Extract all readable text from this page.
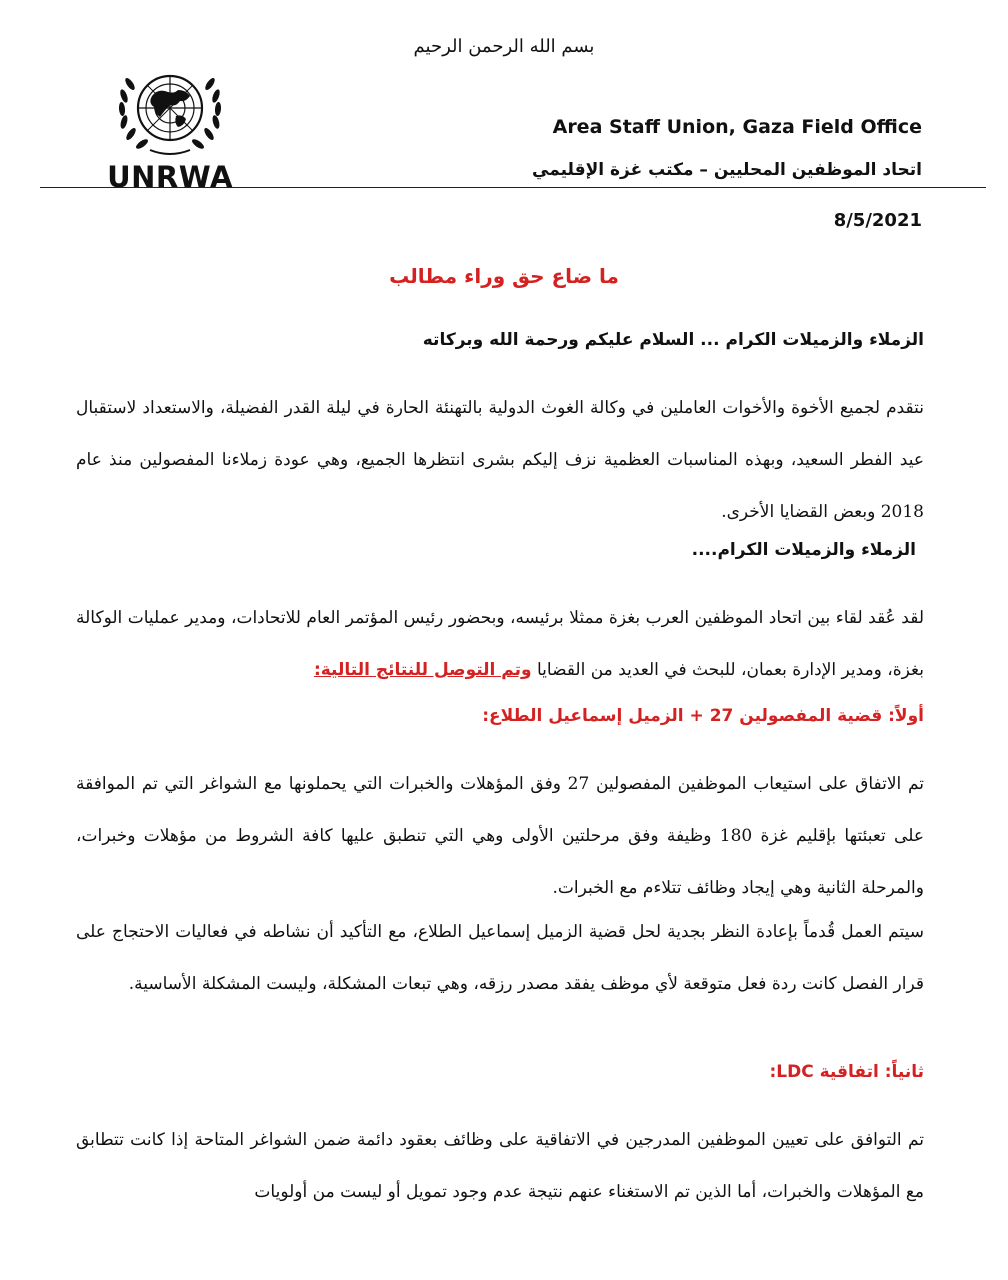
بسم الله الرحمن الرحيم
UNRWA
Area Staff Union, Gaza Field Office
اتحاد الموظفين المحليين – مكتب غزة الإقليمي
8/5/2021
ما ضاع حق وراء مطالب
الزملاء والزميلات الكرام ... السلام عليكم ورحمة الله وبركاته
نتقدم لجميع الأخوة والأخوات العاملين في وكالة الغوث الدولية بالتهنئة الحارة في ليلة القدر الفضيلة، والاستعداد لاستقبال عيد الفطر السعيد، وبهذه المناسبات العظمية نزف إليكم بشرى انتظرها الجميع، وهي عودة زملاءنا المفصولين منذ عام 2018 وبعض القضايا الأخرى.
الزملاء والزميلات الكرام....
لقد عُقد لقاء بين اتحاد الموظفين العرب بغزة ممثلا برئيسه، وبحضور رئيس المؤتمر العام للاتحادات، ومدير عمليات الوكالة بغزة، ومدير الإدارة بعمان، للبحث في العديد من القضايا وتم التوصل للنتائج التالية:
أولاً: قضية المفصولين 27 + الزميل إسماعيل الطلاع:
تم الاتفاق على استيعاب الموظفين المفصولين 27 وفق المؤهلات والخبرات التي يحملونها مع الشواغر التي تم الموافقة على تعبئتها بإقليم غزة 180 وظيفة وفق مرحلتين الأولى وهي التي تنطبق عليها كافة الشروط من مؤهلات وخبرات، والمرحلة الثانية وهي إيجاد وظائف تتلاءم مع الخبرات.
سيتم العمل قُدماً بإعادة النظر بجدية لحل قضية الزميل إسماعيل الطلاع، مع التأكيد أن نشاطه في فعاليات الاحتجاج على قرار الفصل كانت ردة فعل متوقعة لأي موظف يفقد مصدر رزقه، وهي تبعات المشكلة، وليست المشكلة الأساسية.
ثانياً: اتفاقية LDC:
تم التوافق على تعيين الموظفين المدرجين في الاتفاقية على وظائف بعقود دائمة ضمن الشواغر المتاحة إذا كانت تتطابق مع المؤهلات والخبرات، أما الذين تم الاستغناء عنهم نتيجة عدم وجود تمويل أو ليست من أولويات
